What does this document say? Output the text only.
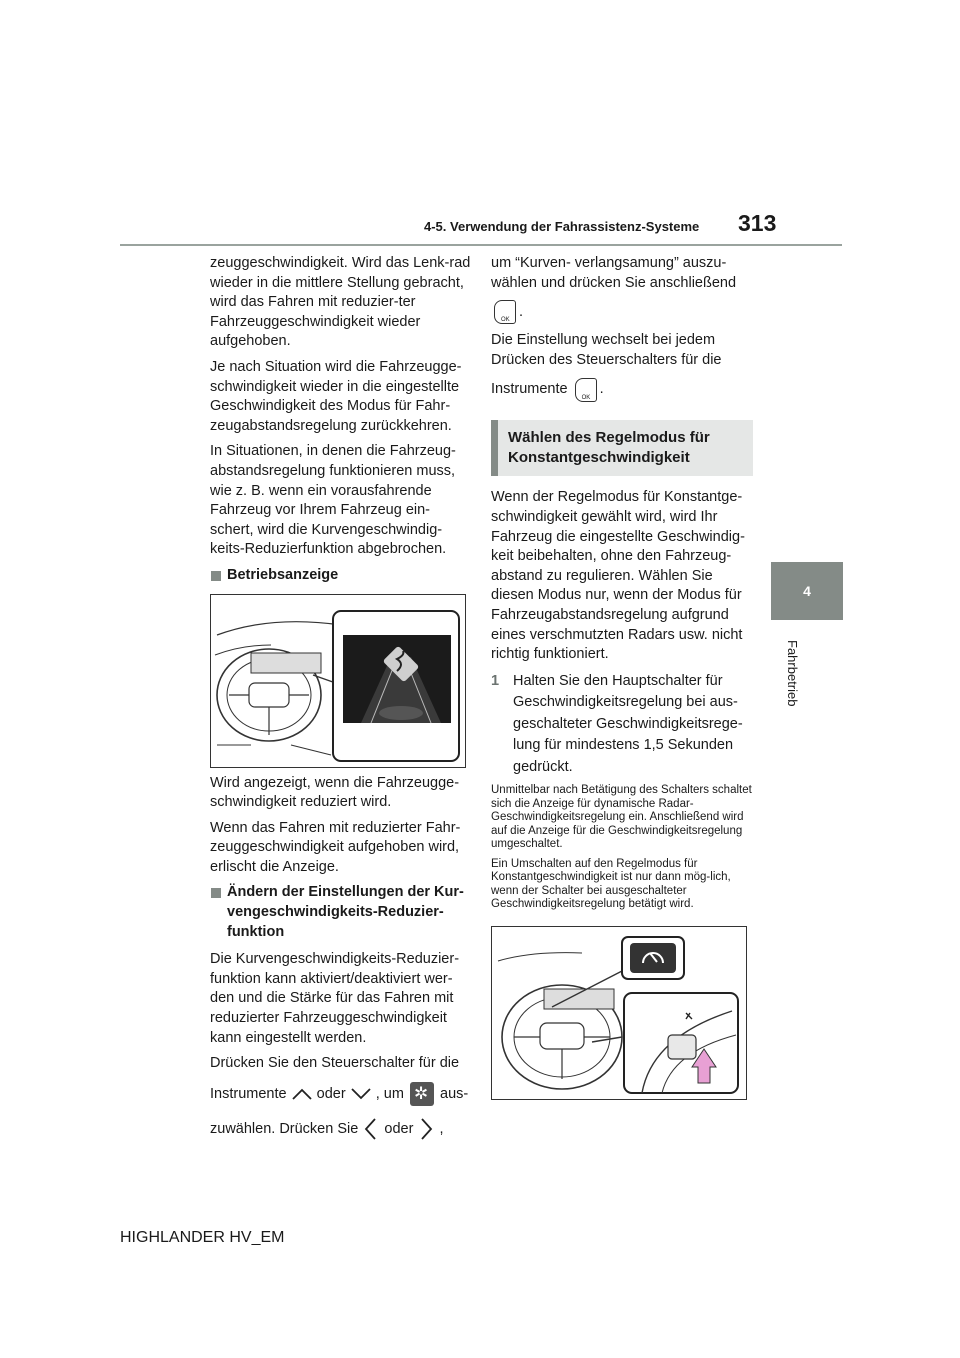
4-5. Verwendung der Fahrassistenz-Systeme 313
4
Fahrbetrieb

zeuggeschwindigkeit. Wird das Lenk-rad wieder in die mittlere Stellung gebracht, wird das Fahren mit reduzier-ter Fahrzeuggeschwindigkeit wieder aufgehoben.

Je nach Situation wird die Fahrzeugge-schwindigkeit wieder in die eingestellte Geschwindigkeit des Modus für Fahr-zeugabstandsregelung zurückkehren.

In Situationen, in denen die Fahrzeug-abstandsregelung funktionieren muss, wie z. B. wenn ein vorausfahrende Fahrzeug vor Ihrem Fahrzeug ein-schert, wird die Kurvengeschwindig-keits-Reduzierfunktion abgebrochen.

Betriebsanzeige

Wird angezeigt, wenn die Fahrzeugge-schwindigkeit reduziert wird.

Wenn das Fahren mit reduzierter Fahr-zeuggeschwindigkeit aufgehoben wird, erlischt die Anzeige.

Ändern der Einstellungen der Kur-vengeschwindigkeits-Reduzier-funktion

Die Kurvengeschwindigkeits-Reduzier-funktion kann aktiviert/deaktiviert wer-den und die Stärke für das Fahren mit reduzierter Fahrzeuggeschwindigkeit kann eingestellt werden.

Drücken Sie den Steuerschalter für die

Instrumente oder , um ✲ aus-

zuwählen. Drücken Sie oder ,

um “Kurven- verlangsamung” auszu-wählen und drücken Sie anschließend

OK
.

Die Einstellung wechselt bei jedem Drücken des Steuerschalters für die

Instrumente
OK
.

Wählen des Regelmodus für Konstantgeschwindigkeit

Wenn der Regelmodus für Konstantge-schwindigkeit gewählt wird, wird Ihr Fahrzeug die eingestellte Geschwindig-keit beibehalten, ohne den Fahrzeug-abstand zu regulieren. Wählen Sie diesen Modus nur, wenn der Modus für Fahrzeugabstandsregelung aufgrund eines verschmutzten Radars usw. nicht richtig funktioniert.

1 Halten Sie den Hauptschalter für Geschwindigkeitsregelung bei aus-geschalteter Geschwindigkeitsrege-lung für mindestens 1,5 Sekunden gedrückt.

Unmittelbar nach Betätigung des Schalters schaltet sich die Anzeige für dynamische Radar-Geschwindigkeitsregelung ein. Anschließend wird auf die Anzeige für die Geschwindigkeitsregelung umgeschaltet.

Ein Umschalten auf den Regelmodus für Konstantgeschwindigkeit ist nur dann mög-lich, wenn der Schalter bei ausgeschalteter Geschwindigkeitsregelung betätigt wird.

HIGHLANDER HV_EM
